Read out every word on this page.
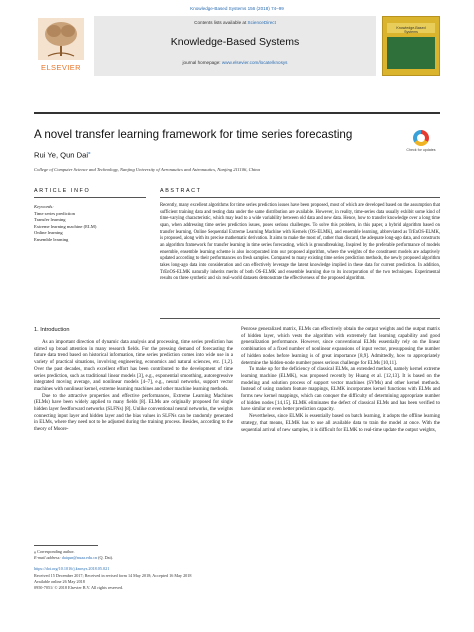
Knowledge-Based Systems 156 (2018) 74–99
ELSEVIER
Contents lists available at ScienceDirect
Knowledge-Based Systems
journal homepage: www.elsevier.com/locate/knosys
Knowledge-Based Systems
A novel transfer learning framework for time series forecasting
Rui Ye, Qun Dai⁎
College of Computer Science and Technology, Nanjing University of Aeronautics and Astronautics, Nanjing 211106, China
Check for updates
ARTICLE INFO	ABSTRACT
Keywords:
Time series prediction
Transfer learning
Extreme learning machine (ELM)
Online learning
Ensemble learning
Recently, many excellent algorithms for time series prediction issues have been proposed, most of which are developed based on the assumption that sufficient training data and testing data under the same distribution are available. However, in reality, time-series data usually exhibit some kind of time-varying characteristic, which may lead to a wide variability between old data and new data. Hence, how to transfer knowledge over a long time span, when addressing time series prediction issues, poses serious challenges. To solve this problem, in this paper, a hybrid algorithm based on transfer learning, Online Sequential Extreme Learning Machine with Kernels (OS-ELMK), and ensemble learning, abbreviated as TrEnOS-ELMK, is proposed, along with its precise mathematic derivation. It aims to make the most of, rather than discard, the adequate long-ago data, and constructs an algorithm framework for transfer learning in time series forecasting, which is groundbreaking. Inspired by the preferable performance of models ensemble, ensemble learning scheme is also incorporated into our proposed algorithm, where the weights of the constituent models are adaptively updated according to their performances on fresh samples. Compared to many existing time series prediction methods, the newly proposed algorithm takes long-ago data into consideration and can effectively leverage the latent knowledge implied in these data for current prediction. In addition, TrEnOS-ELMK naturally inherits merits of both OS-ELMK and ensemble learning due to its incorporation of the two techniques. Experimental results on three synthetic and six real-world datasets demonstrate the effectiveness of the proposed algorithm.
1. Introduction

As an important direction of dynamic data analysis and processing, time series prediction has stirred up broad attention in many research fields. For the pressing demand of forecasting the future data trend based on historical information, time series prediction comes into wide use in a variety of practical situations, involving engineering, economics and natural sciences, etc. [1,2]. Over the past decades, much excellent effort has been contributed to the development of time series prediction, such as traditional linear models [3], e.g., exponential smoothing, autoregressive integrated moving average, and nonlinear models [4–7], e.g., neural networks, support vector machines with nonlinear kernel, extreme learning machines and other machine learning methods.

Due to the attractive properties and effective performances, Extreme Learning Machines (ELMs) have been widely applied to many fields [8]. ELMs are originally proposed for single hidden layer feedforward networks (SLFNs) [8]. Unlike conventional neural networks, the weights connecting input layer and hidden layer and the bias values in SLFNs can be randomly generated in ELMs, where they need not to be adjusted during the training process. Besides, according to the theory of Moore-

Penrose generalized matrix, ELMs can effectively obtain the output weights and the output matrix of hidden layer, which vests the algorithm with extremely fast learning capability and good generalization performance. However, since conventional ELMs essentially rely on the linear combination of a fixed number of nonlinear expansions of input vector, presupposing the number of hidden nodes before learning is of great importance [8,9]. Admittedly, how to appropriately determine the hidden-node number poses serious challenge for ELMs [10,11].

To make up for the deficiency of classical ELMs, an extended method, namely kernel extreme learning machine (ELMK), was proposed recently by Huang et al. [12,13]. It is based on the modeling and solution process of support vector machines (SVMs) and other kernel methods. Instead of using random feature mappings, ELMK incorporates kernel functions with ELMs and forms new kernel mappings, which can conquer the difficulty of determining appropriate number of hidden nodes [14,15]. ELMK eliminates the defect of classical ELMs and has been verified to have similar or even better prediction capacity.

Nevertheless, since ELMK is essentially based on batch learning, it adopts the offline learning strategy, that means, ELMK has to use all available data to train the model at once. With the sequential arrival of new samples, it is difficult for ELMK to real-time update the output weights,

⁎ Corresponding author.
E-mail address: daiqun@nuaa.edu.cn (Q. Dai).
https://doi.org/10.1016/j.knosys.2018.05.021
Received 15 December 2017; Received in revised form 14 May 2018; Accepted 16 May 2018
Available online 26 May 2018
0950-7051/ © 2018 Elsevier B.V. All rights reserved.
